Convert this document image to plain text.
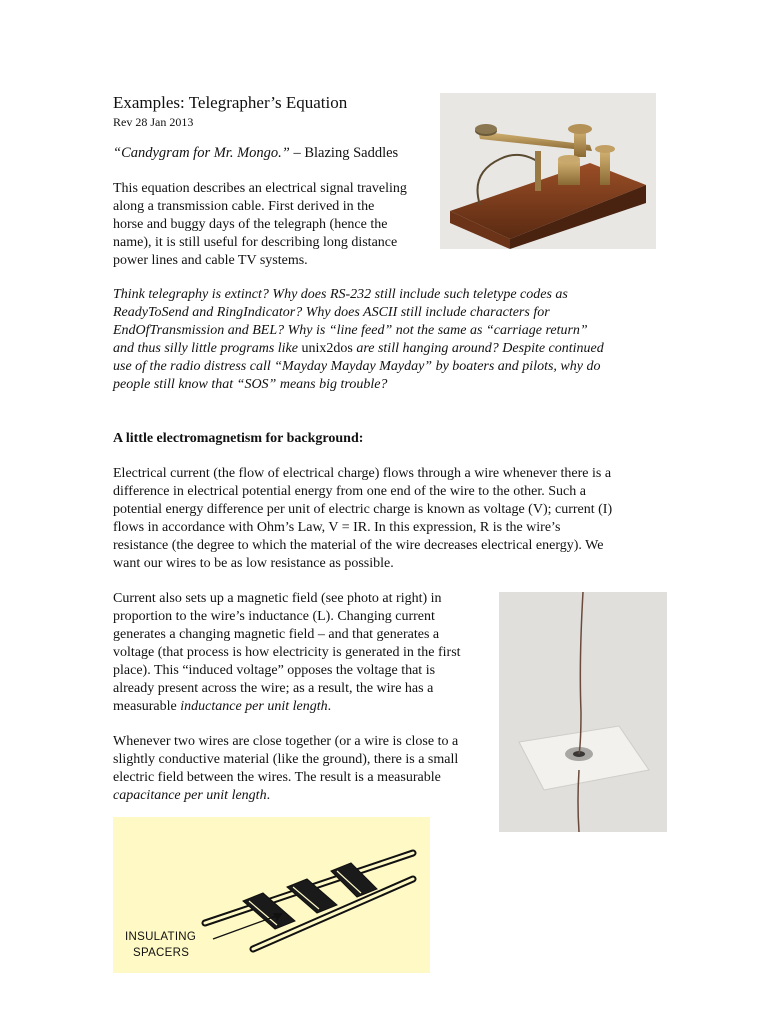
Examples: Telegrapher’s Equation
Rev 28 Jan 2013
“Candygram for Mr. Mongo.” – Blazing Saddles
This equation describes an electrical signal traveling
along a transmission cable. First derived in the
horse and buggy days of the telegraph (hence the
name), it is still useful for describing long distance
power lines and cable TV systems.
Think telegraphy is extinct? Why does RS-232 still include such teletype codes as
ReadyToSend and RingIndicator? Why does ASCII still include characters for
EndOfTransmission and BEL? Why is “line feed” not the same as “carriage return”
and thus silly little programs like unix2dos are still hanging around? Despite continued
use of the radio distress call “Mayday Mayday Mayday” by boaters and pilots, why do
people still know that “SOS” means big trouble?
A little electromagnetism for background:
Electrical current (the flow of electrical charge) flows through a wire whenever there is a
difference in electrical potential energy from one end of the wire to the other. Such a
potential energy difference per unit of electric charge is known as voltage (V); current (I)
flows in accordance with Ohm’s Law, V = IR. In this expression, R is the wire’s
resistance (the degree to which the material of the wire decreases electrical energy). We
want our wires to be as low resistance as possible.
Current also sets up a magnetic field (see photo at right) in
proportion to the wire’s inductance (L). Changing current
generates a changing magnetic field – and that generates a
voltage (that process is how electricity is generated in the first
place). This “induced voltage” opposes the voltage that is
already present across the wire; as a result, the wire has a
measurable inductance per unit length.
Whenever two wires are close together (or a wire is close to a
slightly conductive material (like the ground), there is a small
electric field between the wires. The result is a measurable
capacitance per unit length.
INSULATING
SPACERS
